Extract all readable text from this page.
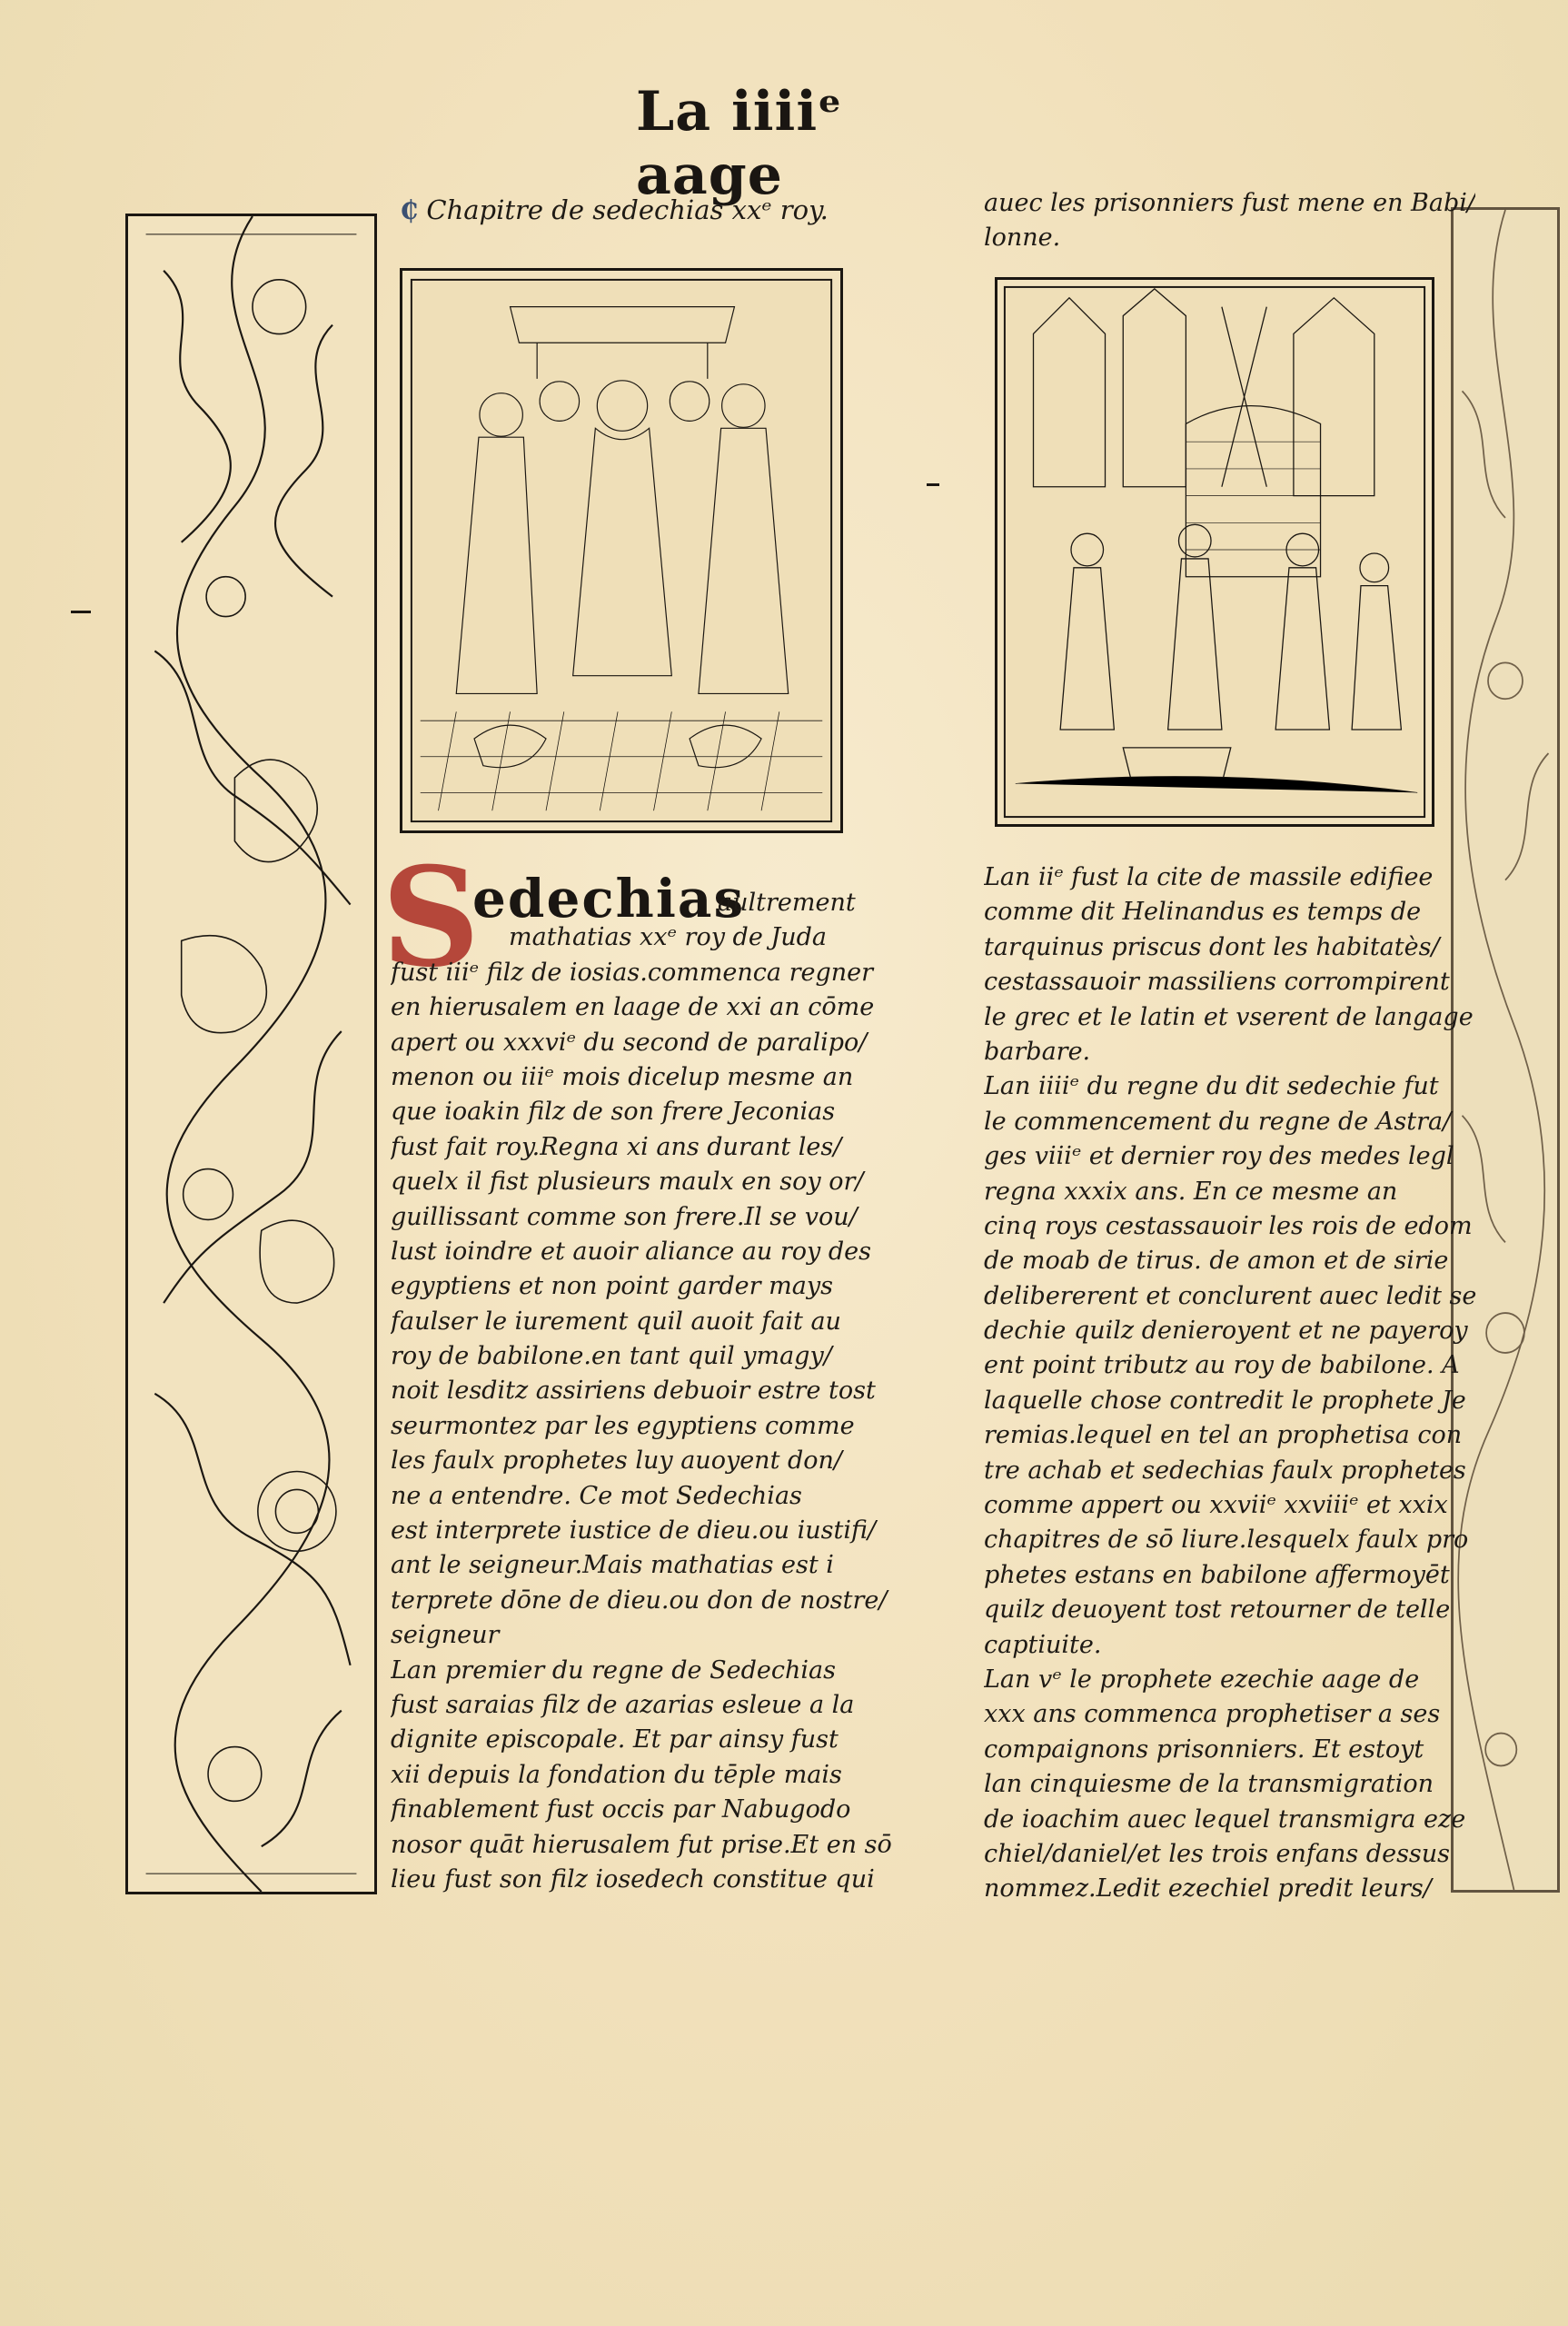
La iiiiᵉ aage
₵ Chapitre de sedechias xxᵉ roy.
S
edechias
aultrement
mathatias xxᵉ roy de Juda
fust iiiᵉ filz de iosias.commenca regner
en hierusalem en laage de xxi an cōme
apert ou xxxviᵉ du second de paralipo/
menon ou iiiᵉ mois dicelup mesme an
que ioakin filz de son frere Jeconias
fust fait roy.Regna xi ans durant les/
quelx il fist plusieurs maulx en soy or/
guillissant comme son frere.Il se vou/
lust ioindre et auoir aliance au roy des
egyptiens et non point garder mays
faulser le iurement quil auoit fait au
roy de babilone.en tant quil ymagy/
noit lesditz assiriens debuoir estre tost
seurmontez par les egyptiens comme
les faulx prophetes luy auoyent don/
ne a entendre. Ce mot Sedechias
est interprete iustice de dieu.ou iustifi/
ant le seigneur.Mais mathatias est i
terprete dōne de dieu.ou don de nostre/
seigneur
Lan premier du regne de Sedechias
fust saraias filz de azarias esleue a la
dignite episcopale. Et par ainsy fust
xii depuis la fondation du tēple mais
finablement fust occis par Nabugodo
nosor quāt hierusalem fut prise.Et en sō
lieu fust son filz iosedech constitue qui
auec les prisonniers fust mene en Babi/
lonne.
Lan iiᵉ fust la cite de massile edifiee
comme dit Helinandus es temps de
tarquinus priscus dont les habitatès/
cestassauoir massiliens corrompirent
le grec et le latin et vserent de langage
barbare.
Lan iiiiᵉ du regne du dit sedechie fut
le commencement du regne de Astra/
ges viiiᵉ et dernier roy des medes legl
regna xxxix ans. En ce mesme an
cinq roys cestassauoir les rois de edom
de moab de tirus. de amon et de sirie
delibererent et conclurent auec ledit se
dechie quilz denieroyent et ne payeroy
ent point tributz au roy de babilone. A
laquelle chose contredit le prophete Je
remias.lequel en tel an prophetisa con
tre achab et sedechias faulx prophetes
comme appert ou xxviiᵉ xxviiiᵉ et xxix
chapitres de sō liure.lesquelx faulx pro
phetes estans en babilone affermoyēt
quilz deuoyent tost retourner de telle
captiuite.
Lan vᵉ le prophete ezechie aage de
xxx ans commenca prophetiser a ses
compaignons prisonniers. Et estoyt
lan cinquiesme de la transmigration
de ioachim auec lequel transmigra eze
chiel/daniel/et les trois enfans dessus
nommez.Ledit ezechiel predit leurs/
